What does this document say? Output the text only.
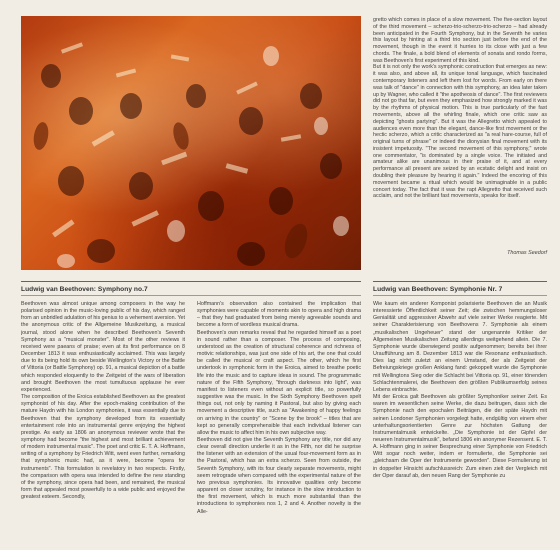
gretto which comes in place of a slow movement. The five-section layout of the third movement – scherzo-trio-scherzo-trio-scherzo – had already been anticipated in the Fourth Symphony, but in the Seventh he varies this layout by hinting at a third trio section just before the end of the movement, though in the event it hurries to its close with just a few chords. The finale, a bold blend of elements of sonata and rondo forms, was Beethoven's first experiment of this kind.
But it is not only the work's symphonic construction that emerges as new: it was also, and above all, its unique tonal language, which fascinated contemporary listeners and left them lost for words. From early on there was talk of "dance" in connection with this symphony, an idea later taken up by Wagner, who called it "the apotheosis of dance". The first reviewers did not go that far, but even they emphasized how strongly marked it was by the rhythms of physical motion. This is true particularly of the fast movements, above all the whirling finale, which one critic saw as depicting "ghosts partying". But it was the Allegretto which appealed to audiences even more than the elegant, dance-like first movement or the hectic scherzo, which a critic characterized as "a real hare-course, full of original turns of phrase" or indeed the dionysian final movement with its insistent impetuosity. "The second movement of this symphony," wrote one commentator, "is dominated by a single voice. The initiated and amateur alike are unanimous in their praise of it, and at every performance all present are seized by an ecstatic delight and insist on doubling their pleasure by hearing it again." Indeed the encoring of this movement became a ritual which would be unimaginable in a public concert today. The fact that it was the rapt Allegretto that received such acclaim, and not the brilliant fast movements, speaks for itself.

Thomas Seedorf
Ludwig van Beethoven: Symphony no.7	Ludwig van Beethoven: Symphonie Nr. 7

Beethoven was almost unique among composers in the way he polarised opinion in the music-loving public of his day, which ranged from an unbridled adulation of his genius to a vehement aversion. Yet the anonymous critic of the Allgemeine Musikzeitung, a musical journal, stood alone when he described Beethoven's Seventh Symphony as a "musical monster". Most of the other reviews it received were paeans of praise; even at its first performance on 8 December 1813 it was enthusiastically acclaimed. This was largely due to its being hold its own beside Wellington's Victory or the Battle of Vittoria (or Battle Symphony) op. 91, a musical depiction of a battle which responded eloquently to the Zeitgeist of the wars of liberation and brought Beethoven the most tumultuous applause he ever experienced.
The composition of the Eroica established Beethoven as the greatest symphonist of his day. After the epoch-making contribution of the mature Haydn with his London symphonies, it was essentially due to Beethoven that the symphony developed from its essentially entertainment role into an instrumental genre enjoying the highest prestige. As early as 1806 an anonymous reviewer wrote that the symphony had become "the highest and most brilliant achievement of modern instrumental music". The poet and critic E. T. A. Hoffmann, writing of a symphony by Friedrich Witt, went even further, remarking that symphonic music had, as it were, become "opera for instruments". This formulation is revelatory in two respects. Firstly, the comparison with opera was intended to define the new standing of the symphony, since opera had been, and remained, the musical form that appealed most powerfully to a wide public and enjoyed the greatest esteem. Secondly,

Hoffmann's observation also contained the implication that symphonies were capable of moments akin to opera and high drama – that they had graduated from being merely agreeable sounds and become a form of wordless musical drama.
Beethoven's own remarks reveal that he regarded himself as a poet in sound rather than a composer. The process of composing, understood as the creation of structural coherence and richness of motivic relationships, was just one side of his art, the one that could be called the musical or craft aspect. The other, which he first undertook in symphonic form in the Eroica, aimed to breathe poetic life into the music and to capture ideas in sound. The programmatic nature of the Fifth Symphony, "through darkness into light", was manifest to listeners even without an explicit title, so powerfully suggestive was the music. In the Sixth Symphony Beethoven spelt things out, not only by naming it Pastoral, but also by giving each movement a descriptive title, such as "Awakening of happy feelings on arriving in the country" or "Scene by the brook" – titles that are kept so generally comprehensible that each individual listener can allow the music to affect him in his own subjective way.
Beethoven did not give the Seventh Symphony any title, nor did any clear overall direction underlie it as in the Fifth, nor did he surprise the listener with an extension of the usual four-movement form as in the Pastoral, which has an extra scherzo. Seen from outside, the Seventh Symphony, with its four clearly separate movements, might seem retrograde when compared with the experimental nature of the two previous symphonies. Its innovative qualities only become apparent on closer scrutiny, for instance in the slow introduction to the first movement, which is much more substantial than the introductions to symphonies nos 1, 2 and 4. Another novelty is the Alle-

Wie kaum ein anderer Komponist polarisierte Beethoven die an Musik interessierte Öffentlichkeit seiner Zeit; die zwischen hemmungsloser Genialität und aggressiver Abwehr auf viele seiner Werke reagierte. Mit seiner Charakterisierung von Beethovens 7. Symphonie als einem „musikalischen Ungeheuer" stand der ungenannte Kritiker der Allgemeinen Musikalischen Zeitung allerdings weitgehend allein. Die 7. Symphonie wurde überwiegend positiv aufgenommen; bereits bei ihrer Uraufführung am 8. Dezember 1813 war die Resonanz enthusiastisch. Dies lag nicht zuletzt an einem Umstand, der als Zeitgeist der Befreiungskriege großen Anklang fand: gekoppelt wurde die Symphonie mit Wellingtons Sieg oder die Schlacht bei Vittoria op. 91, einer tönenden Schlachtenmalerei, die Beethoven den größten Publikumserfolg seines Lebens einbrachte.
Mit der Eroica galt Beethoven als größter Symphoniker seiner Zeit. Es waren im wesentlichen seine Werke, die dazu beitrugen, dass sich die Symphonie nach den epochalen Beiträgen, die der späte Haydn mit seinen Londoner Symphonien vorgelegt hatte, endgültig von einem eher unterhaltungsorientierten Genre zur höchsten Gattung der Instrumentalmusik entwickelte. „Die Symphonie ist der Gipfel der neueren Instrumentalmusik", befand 1806 ein anonymer Rezensent. E. T. A. Hoffmann ging in seiner Besprechung einer Symphonie von Friedrich Witt sogar noch weiter, indem er formulierte, die Symphonie sei „gleichsam die Oper der Instrumente geworden". Diese Formulierung ist in doppelter Hinsicht aufschlussreich: Zum einen zielt der Vergleich mit der Oper darauf ab, den neuen Rang der Symphonie zu
